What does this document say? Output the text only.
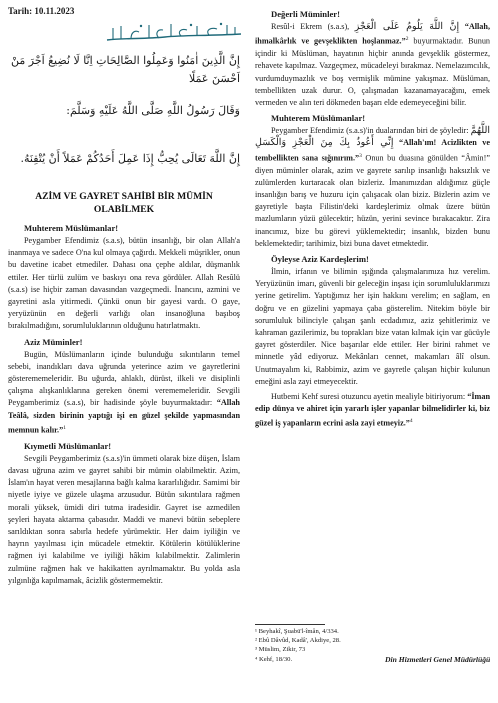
Tarih: 10.11.2023
إِنَّ الَّذِينَ اٰمَنُوا وَعَمِلُوا الصَّالِحَاتِ اِنَّا لَا نُضِيعُ اَجْرَ مَنْ اَحْسَنَ عَمَلًا
وَقَالَ رَسُولُ اللَّهِ صَلَّى اللَّهُ عَلَيْهِ وَسَلَّمَ:
إِنَّ اللَّهَ تَعَالَى يُحِبُّ إِذَا عَمِلَ أَحَدُكُمْ عَمَلاً أَنْ يُتْقِنَهُ.
AZİM VE GAYRET SAHİBİ BİR MÜMİN
OLABİLMEK

Muhterem Müslümanlar!

Peygamber Efendimiz (s.a.s), bütün insanlığı, bir olan Allah'a inanmaya ve sadece O'na kul olmaya çağırdı. Mekkeli müşrikler, onun bu davetine icabet etmediler. Dahası ona çephe aldılar, düşmanlık ettiler. Her türlü zulüm ve baskıyı ona reva gördüler. Allah Resûlü (s.a.s) ise hiçbir zaman davasından vazgeçmedi. İnancını, azmini ve gayretini asla yitirmedi. Çünkü onun bir gayesi vardı. O gaye, yeryüzünün en değerli varlığı olan insanoğluna başıboş bırakılmadığını, sorumluluklarının olduğunu hatırlatmaktı.

Aziz Müminler!

Bugün, Müslümanların içinde bulunduğu sıkıntıların temel sebebi, inandıkları dava uğrunda yeterince azim ve gayretlerini gösterememeleridir. Bu uğurda, ahlaklı, dürüst, ilkeli ve disiplinli çalışma alışkanlıklarına gereken önemi verememeleridir. Sevgili Peygamberimiz (s.a.s), bir hadisinde şöyle buyurmaktadır: “Allah Teâlâ, sizden birinin yaptığı işi en güzel şekilde yapmasından memnun kalır.”$^1$

Kıymetli Müslümanlar!

Sevgili Peygamberimiz (s.a.s)'in ümmeti olarak bize düşen, İslam davası uğruna azim ve gayret sahibi bir mümin olabilmektir. Azim, İslam'ın hayat veren mesajlarına bağlı kalma kararlılığıdır. Samimi bir niyetle iyiye ve güzele ulaşma arzusudur. Bütün sıkıntılara rağmen morali yüksek, ümidi diri tutma iradesidir. Gayret ise azmedilen şeyleri hayata aktarma çabasıdır. Maddi ve manevi bütün sebeplere sarıldıktan sonra sabırla hedefe yürümektir. Her daim iyiliğin ve hayrın yayılması için mücadele etmektir. Kötülerin kötülüklerine rağmen iyi kalabilme ve iyiliği hâkim kılabilmektir. Zalimlerin zulmüne rağmen hak ve hakikatten ayrılmamaktır. Bu yolda asla yılgınlığa kapılmamak, âcizlik göstermemektir.

Değerli Müminler!

Resûl-i Ekrem (s.a.s), إِنَّ اللَّهَ يَلُومُ عَلَى الْعَجْزِ “Allah, ihmalkârlık ve gevşeklikten hoşlanmaz.”$^2$ buyurmaktadır. Bunun içindir ki Müslüman, hayatının hiçbir anında gevşeklik göstermez, rehavete kapılmaz. Vazgeçmez, mücadeleyi bırakmaz. Nemelazımcılık, vurdumduymazlık ve boş vermişlik mümine yakışmaz. Müslüman, tembellikten uzak durur. O, çalışmadan kazanamayacağını, emek vermeden ve alın teri dökmeden başarı elde edemeyeceğini bilir.

Muhterem Müslümanlar!

Peygamber Efendimiz (s.a.s)'in dualarından biri de şöyledir: اللَّهُمَّ إِنِّي أَعُوذُ بِكَ مِنَ الْعَجْزِ وَالْكَسَلِ “Allah'ım! Acizlikten ve tembellikten sana sığınırım.”$^3$ Onun bu duasına gönülden “Âmin!” diyen müminler olarak, azim ve gayrete sarılıp insanlığı haksızlık ve zulümlerden kurtaracak olan bizleriz. İmanımızdan aldığımız güçle insanlığın barış ve huzuru için çalışacak olan biziz. Bizlerin azim ve gayretiyle başta Filistin'deki kardeşlerimiz olmak üzere bütün mazlumların yüzü gülecektir; hüzün, yerini sevince bırakacaktır. Zira inancımız, bize bu görevi yüklemektedir; insanlık, bizden bunu beklemektedir; tarihimiz, bizi buna davet etmektedir.

Öyleyse Aziz Kardeşlerim!

İlmin, irfanın ve bilimin ışığında çalışmalarımıza hız verelim. Yeryüzünün imarı, güvenli bir geleceğin inşası için sorumluluklarımızı yerine getirelim. Yaptığımız her işin hakkını verelim; en sağlam, en doğru ve en güzelini yapmaya çaba gösterelim. Nitekim böyle bir sorumluluk bilinciyle çalışan şanlı ecdadımız, aziz şehitlerimiz ve kahraman gazilerimiz, bu toprakları bize vatan kılmak için var gücüyle gayret gösterdiler. Nice başarılar elde ettiler. Her birini rahmet ve minnetle yâd ediyoruz. Mekânları cennet, makamları âlî olsun. Unutmayalım ki, Rabbimiz, azim ve gayretle çalışan hiçbir kulunun emeğini asla zayi etmeyecektir.

Hutbemi Kehf suresi otuzuncu ayetin mealiyle bitiriyorum: “İman edip dünya ve ahiret için yararlı işler yapanlar bilmelidirler ki, biz güzel iş yapanların ecrini asla zayi etmeyiz.”$^4$

¹ Beyhakî, Şuabü'l-îmân, 4/334.
² Ebû Dâvûd, Kadâ', Akdiye, 28.
³ Müslim, Zikir, 73
⁴ Kehf, 18/30.	Din Hizmetleri Genel Müdürlüğü
